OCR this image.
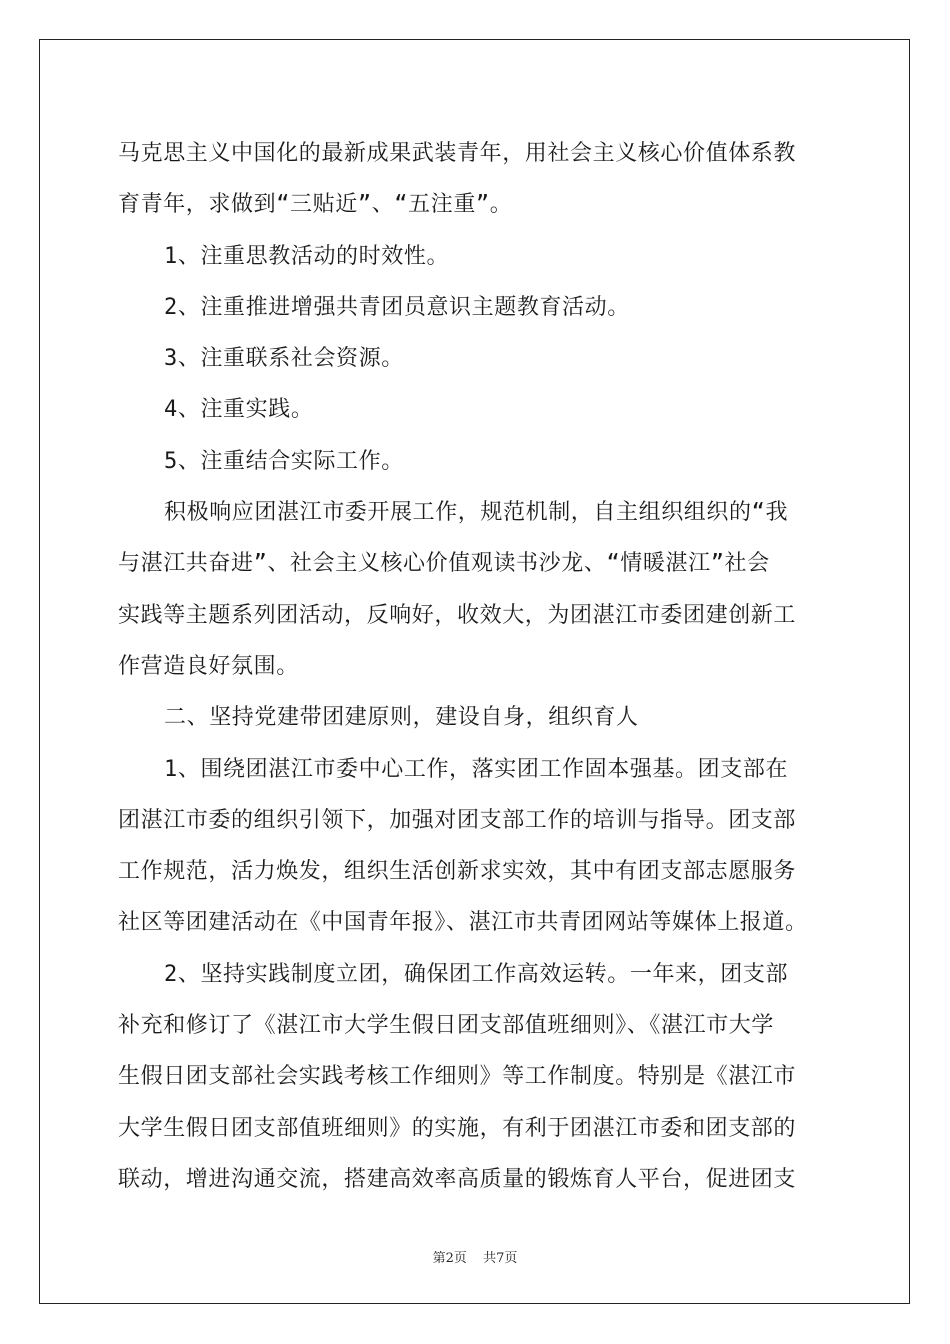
马克思主义中国化的最新成果武装青年，用社会主义核心价值体系教
育青年，求做到“三贴近”、“五注重”。
1、注重思教活动的时效性。
2、注重推进增强共青团员意识主题教育活动。
3、注重联系社会资源。
4、注重实践。
5、注重结合实际工作。
积极响应团湛江市委开展工作，规范机制，自主组织组织的“我
与湛江共奋进”、社会主义核心价值观读书沙龙、“情暖湛江”社会
实践等主题系列团活动，反响好，收效大，为团湛江市委团建创新工
作营造良好氛围。
二、坚持党建带团建原则，建设自身，组织育人
1、围绕团湛江市委中心工作，落实团工作固本强基。团支部在
团湛江市委的组织引领下，加强对团支部工作的培训与指导。团支部
工作规范，活力焕发，组织生活创新求实效，其中有团支部志愿服务
社区等团建活动在《中国青年报》、湛江市共青团网站等媒体上报道。
2、坚持实践制度立团，确保团工作高效运转。一年来，团支部
补充和修订了《湛江市大学生假日团支部值班细则》、《湛江市大学
生假日团支部社会实践考核工作细则》等工作制度。特别是《湛江市
大学生假日团支部值班细则》的实施，有利于团湛江市委和团支部的
联动，增进沟通交流，搭建高效率高质量的锻炼育人平台，促进团支
第2页 共7页
